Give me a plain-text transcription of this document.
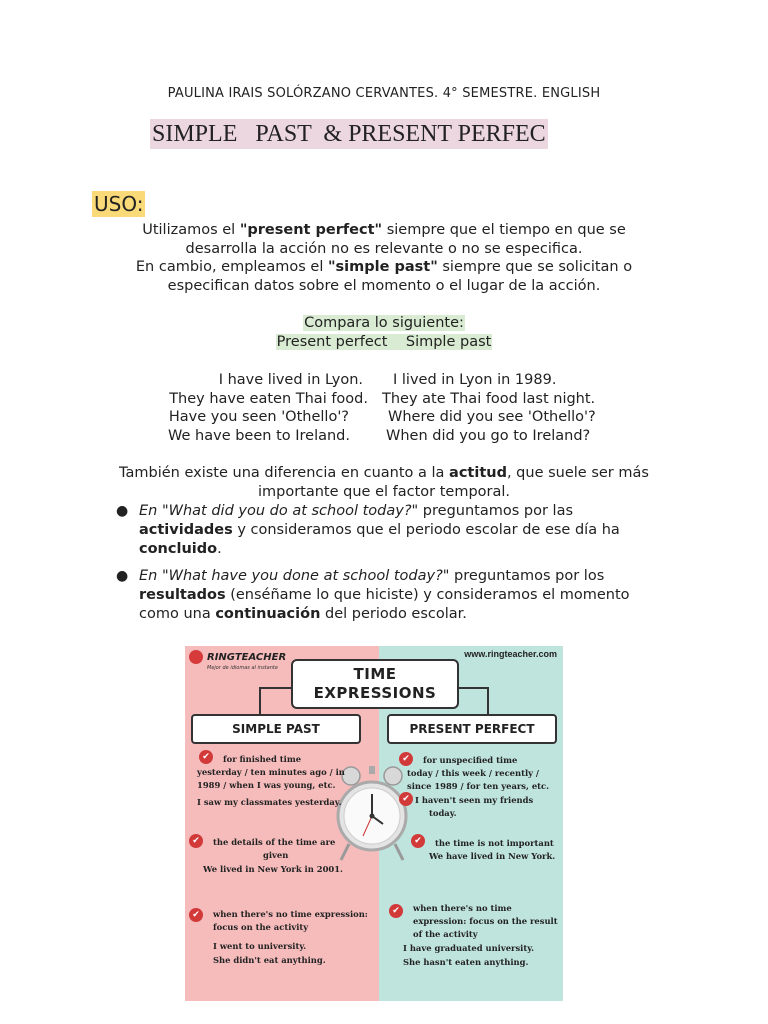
PAULINA IRAIS SOLÓRZANO CERVANTES. 4° SEMESTRE. ENGLISH
SIMPLE   PAST  & PRESENT PERFEC
USO:
Utilizamos el "present perfect" siempre que el tiempo en que se
desarrolla la acción no es relevante o no se especifica.
En cambio, empleamos el "simple past" siempre que se solicitan o
especifican datos sobre el momento o el lugar de la acción.
Compara lo siguiente:
Present perfect    Simple past
I have lived in Lyon. I lived in Lyon in 1989.
They have eaten Thai food. They ate Thai food last night.
Have you seen 'Othello'?	Where did you see 'Othello'?
We have been to Ireland. When did you go to Ireland?
También existe una diferencia en cuanto a la actitud, que suele ser más
importante que el factor temporal.
● En "What did you do at school today?" preguntamos por las
actividades y consideramos que el periodo escolar de ese día ha
concluido.
● En "What have you done at school today?" preguntamos por los
resultados (enséñame lo que hiciste) y consideramos el momento
como una continuación del periodo escolar.
RINGTEACHER
Mejor de idiomas al instante
www.ringteacher.com
TIME
EXPRESSIONS
SIMPLE PAST	PRESENT PERFECT
✔	for finished time
yesterday / ten minutes ago / in
1989 / when I was young, etc.
I saw my classmates yesterday.
✔	the details of the time are
given
We lived in New York in 2001.
✔	when there's no time expression:
focus on the activity
I went to university.
She didn't eat anything.
✔	for unspecified time
today / this week / recently /
since 1989 / for ten years, etc.
✔ I haven't seen my friends
today.
✔	the time is not important
We have lived in New York.
✔	when there's no time
expression: focus on the result
of the activity
I have graduated university.
She hasn't eaten anything.
